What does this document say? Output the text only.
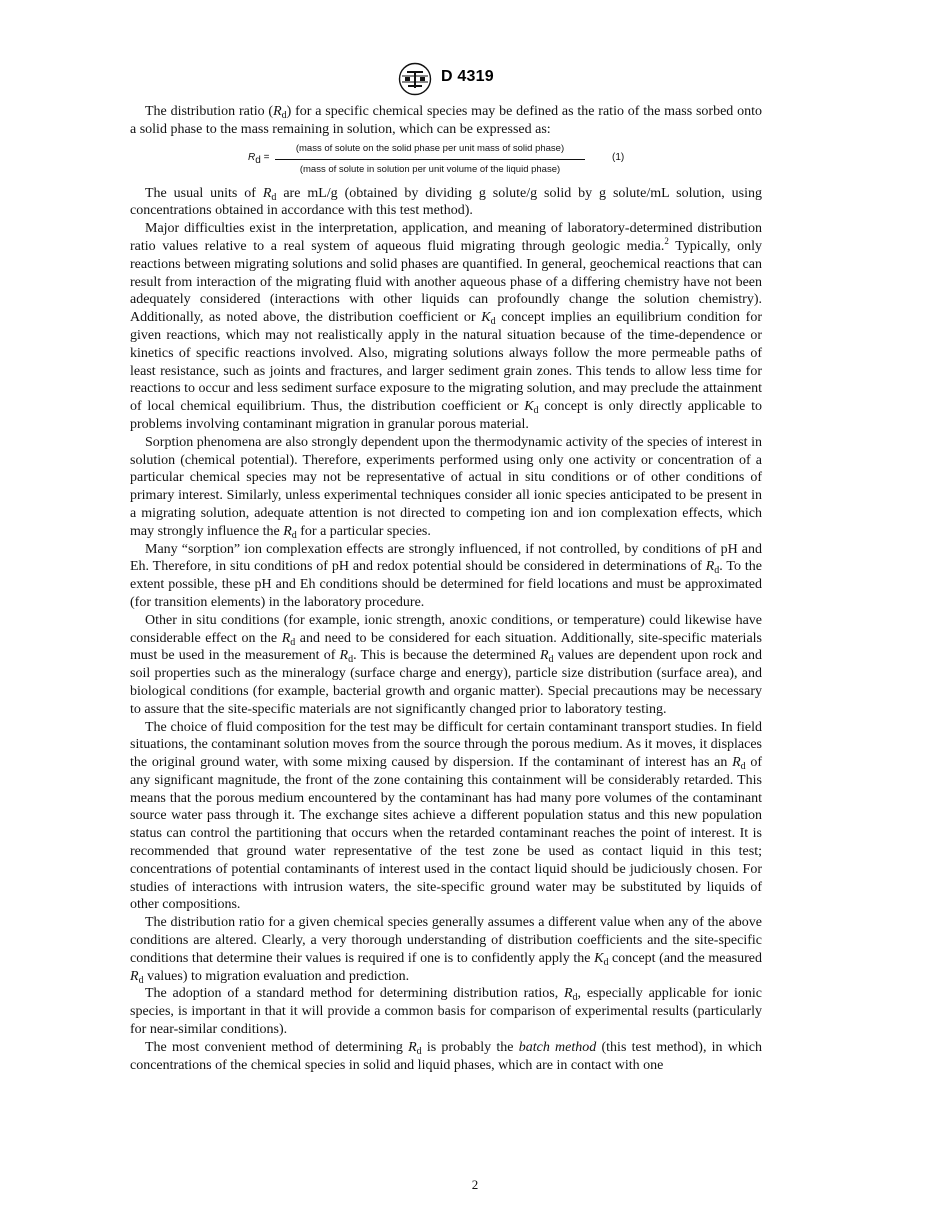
D 4319

The distribution ratio $(R_d)$ for a specific chemical species may be defined as the ratio of the mass sorbed onto a solid phase to the mass remaining in solution, which can be expressed as:

$R_d$ =
(mass of solute on the solid phase per unit mass of solid phase)
(mass of solute in solution per unit volume of the liquid phase)
(1)

The usual units of $R_d$ are mL/g (obtained by dividing g solute/g solid by g solute/mL solution, using concentrations obtained in accordance with this test method).

Major difficulties exist in the interpretation, application, and meaning of laboratory-determined distribution ratio values relative to a real system of aqueous fluid migrating through geologic media.$^2$ Typically, only reactions between migrating solutions and solid phases are quantified. In general, geochemical reactions that can result from interaction of the migrating fluid with another aqueous phase of a differing chemistry have not been adequately considered (interactions with other liquids can profoundly change the solution chemistry). Additionally, as noted above, the distribution coefficient or $K_d$ concept implies an equilibrium condition for given reactions, which may not realistically apply in the natural situation because of the time-dependence or kinetics of specific reactions involved. Also, migrating solutions always follow the more permeable paths of least resistance, such as joints and fractures, and larger sediment grain zones. This tends to allow less time for reactions to occur and less sediment surface exposure to the migrating solution, and may preclude the attainment of local chemical equilibrium. Thus, the distribution coefficient or $K_d$ concept is only directly applicable to problems involving contaminant migration in granular porous material.

Sorption phenomena are also strongly dependent upon the thermodynamic activity of the species of interest in solution (chemical potential). Therefore, experiments performed using only one activity or concentration of a particular chemical species may not be representative of actual in situ conditions or of other conditions of primary interest. Similarly, unless experimental techniques consider all ionic species anticipated to be present in a migrating solution, adequate attention is not directed to competing ion and ion complexation effects, which may strongly influence the $R_d$ for a particular species.

Many “sorption” ion complexation effects are strongly influenced, if not controlled, by conditions of pH and Eh. Therefore, in situ conditions of pH and redox potential should be considered in determinations of $R_d$. To the extent possible, these pH and Eh conditions should be determined for field locations and must be approximated (for transition elements) in the laboratory procedure.

Other in situ conditions (for example, ionic strength, anoxic conditions, or temperature) could likewise have considerable effect on the $R_d$ and need to be considered for each situation. Additionally, site-specific materials must be used in the measurement of $R_d$. This is because the determined $R_d$ values are dependent upon rock and soil properties such as the mineralogy (surface charge and energy), particle size distribution (surface area), and biological conditions (for example, bacterial growth and organic matter). Special precautions may be necessary to assure that the site-specific materials are not significantly changed prior to laboratory testing.

The choice of fluid composition for the test may be difficult for certain contaminant transport studies. In field situations, the contaminant solution moves from the source through the porous medium. As it moves, it displaces the original ground water, with some mixing caused by dispersion. If the contaminant of interest has an $R_d$ of any significant magnitude, the front of the zone containing this containment will be considerably retarded. This means that the porous medium encountered by the contaminant has had many pore volumes of the contaminant source water pass through it. The exchange sites achieve a different population status and this new population status can control the partitioning that occurs when the retarded contaminant reaches the point of interest. It is recommended that ground water representative of the test zone be used as contact liquid in this test; concentrations of potential contaminants of interest used in the contact liquid should be judiciously chosen. For studies of interactions with intrusion waters, the site-specific ground water may be substituted by liquids of other compositions.

The distribution ratio for a given chemical species generally assumes a different value when any of the above conditions are altered. Clearly, a very thorough understanding of distribution coefficients and the site-specific conditions that determine their values is required if one is to confidently apply the $K_d$ concept (and the measured $R_d$ values) to migration evaluation and prediction.

The adoption of a standard method for determining distribution ratios, $R_d$, especially applicable for ionic species, is important in that it will provide a common basis for comparison of experimental results (particularly for near-similar conditions).

The most convenient method of determining $R_d$ is probably the batch method (this test method), in which concentrations of the chemical species in solid and liquid phases, which are in contact with one

2
